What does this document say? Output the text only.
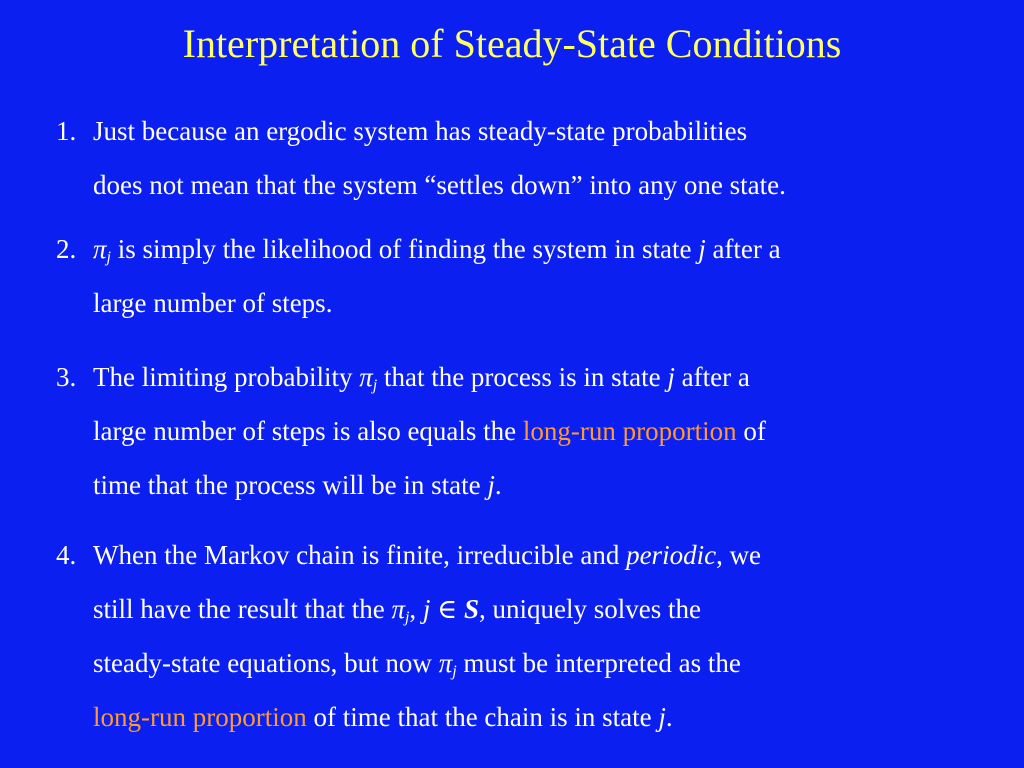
Interpretation of Steady-State Conditions
1. Just because an ergodic system has steady-state probabilities
does not mean that the system “settles down” into any one state.
2. $\pi_j$ is simply the likelihood of finding the system in state j after a
large number of steps.
3. The limiting probability $\pi_j$ that the process is in state j after a
large number of steps is also equals the long-run proportion of
time that the process will be in state j.
4. When the Markov chain is finite, irreducible and periodic, we
still have the result that the $\pi_j$, j ∈ S, uniquely solves the
steady-state equations, but now $\pi_j$ must be interpreted as the
long-run proportion of time that the chain is in state j.
